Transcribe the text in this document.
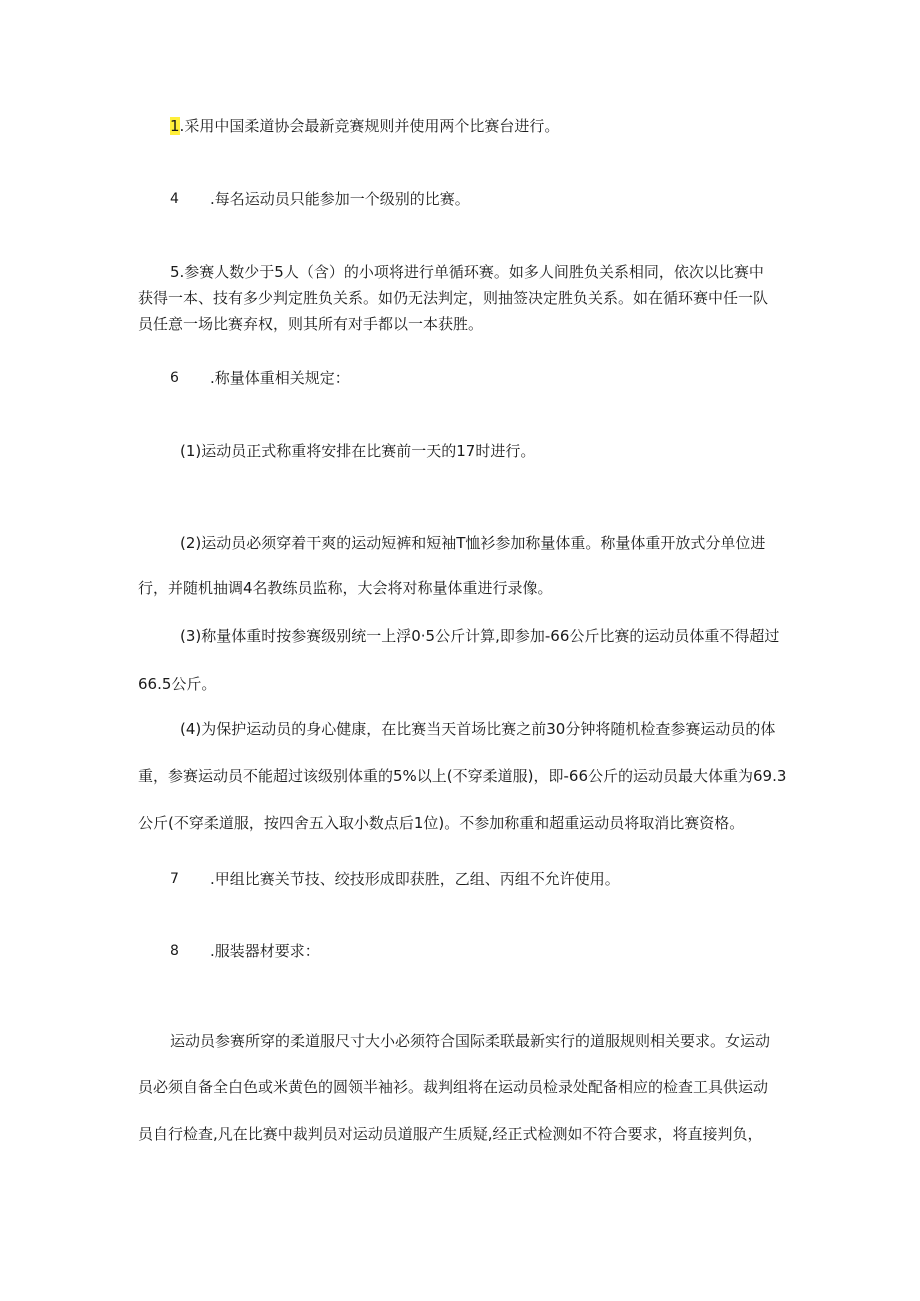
1.采用中国柔道协会最新竞赛规则并使用两个比赛台进行。
4 .每名运动员只能参加一个级别的比赛。
5.参赛人数少于5人（含）的小项将进行单循环赛。如多人间胜负关系相同，依次以比赛中
获得一本、技有多少判定胜负关系。如仍无法判定，则抽签决定胜负关系。如在循环赛中任一队
员任意一场比赛弃权，则其所有对手都以一本获胜。
6 .称量体重相关规定：
(1)运动员正式称重将安排在比赛前一天的17时进行。
(2)运动员必须穿着干爽的运动短裤和短袖T恤衫参加称量体重。称量体重开放式分单位进
行，并随机抽调4名教练员监称，大会将对称量体重进行录像。
(3)称量体重时按参赛级别统一上浮0·5公斤计算,即参加-66公斤比赛的运动员体重不得超过
66.5公斤。
(4)为保护运动员的身心健康，在比赛当天首场比赛之前30分钟将随机检查参赛运动员的体
重，参赛运动员不能超过该级别体重的5%以上(不穿柔道服)，即-66公斤的运动员最大体重为69.3
公斤(不穿柔道服，按四舍五入取小数点后1位)。不参加称重和超重运动员将取消比赛资格。
7 .甲组比赛关节技、绞技形成即获胜，乙组、丙组不允许使用。
8 .服装器材要求：
运动员参赛所穿的柔道服尺寸大小必须符合国际柔联最新实行的道服规则相关要求。女运动
员必须自备全白色或米黄色的圆领半袖衫。裁判组将在运动员检录处配备相应的检查工具供运动
员自行检查,凡在比赛中裁判员对运动员道服产生质疑,经正式检测如不符合要求，将直接判负，
